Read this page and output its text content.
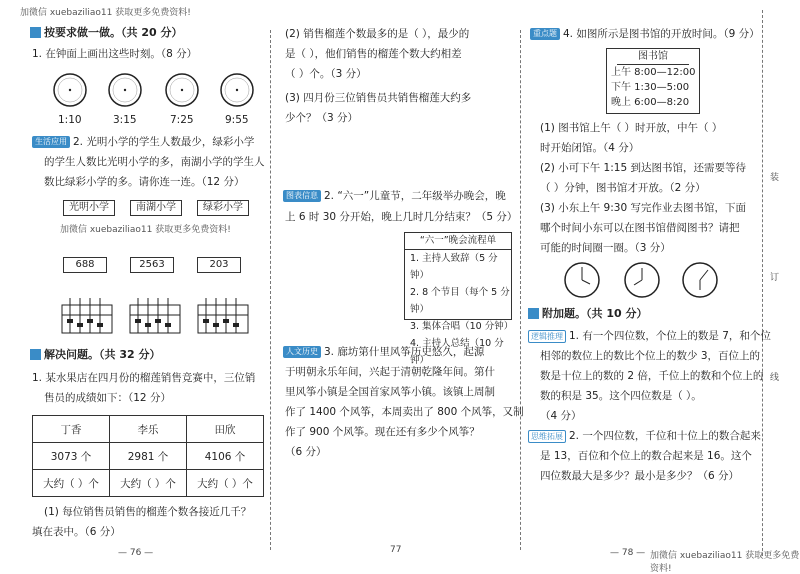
加微信 xuebaziliao11 获取更多免费资料!
按要求做一做。（共 20 分）
1. 在钟面上画出这些时刻。（8 分）
1:10	3:15	7:25	9:55
生活应用 2. 光明小学的学生人数最少，绿彩小学
的学生人数比光明小学的多，南湖小学的学生人
数比绿彩小学的多。请你连一连。（12 分）
光明小学	南湖小学	绿彩小学
加微信 xuebaziliao11 获取更多免费资料!
688	2563	203
解决问题。（共 32 分）
1. 某水果店在四月份的榴莲销售竞赛中，三位销
售员的成绩如下：（12 分）
丁香	李乐	田欣
3073 个	2981 个	4106 个
大约（ ）个	大约（ ）个	大约（ ）个
(1) 每位销售员销售的榴莲个数各接近几千？
填在表中。（6 分）
— 76 —
(2) 销售榴莲个数最多的是（ ），最少的
是（ ），他们销售的榴莲个数大约相差
（ ）个。（3 分）
(3) 四月份三位销售员共销售榴莲大约多
少个？（3 分）
图表信息 2. “六一”儿童节，二年级举办晚会，晚
上 6 时 30 分开始，晚上几时几分结束？（5 分）
“六一”晚会流程单
1. 主持人致辞（5 分钟）
2. 8 个节目（每个 5 分钟）
3. 集体合唱（10 分钟）
4. 主持人总结（10 分钟）
人文历史 3. 廊坊第什里风筝历史悠久，起源
于明朝永乐年间，兴起于清朝乾隆年间。第什
里风筝小镇是全国首家风筝小镇。该镇上周制
作了 1400 个风筝，本周卖出了 800 个风筝，又制
作了 900 个风筝。现在还有多少个风筝？
（6 分）
77
重点题 4. 如图所示是图书馆的开放时间。（9 分）
图书馆
上午 8:00—12:00
下午 1:30—5:00
晚上 6:00—8:20
(1) 图书馆上午（ ）时开放，中午（ ）
时开始闭馆。（4 分）
(2) 小可下午 1:15 到达图书馆，还需要等待
（ ）分钟，图书馆才开放。（2 分）
(3) 小东上午 9:30 写完作业去图书馆，下面
哪个时间小东可以在图书馆借阅图书？请把
可能的时间圈一圈。（3 分）
附加题。（共 10 分）
逻辑推理 1. 有一个四位数，个位上的数是 7，和个位
相邻的数位上的数比个位上的数少 3，百位上的
数是十位上的数的 2 倍，千位上的数和个位上的
数的积是 35。这个四位数是（ ）。
（4 分）
思维拓展 2. 一个四位数，千位和十位上的数合起来
是 13，百位和个位上的数合起来是 16。这个
四位数最大是多少？最小是多少？（6 分）
— 78 — 加微信 xuebaziliao11 获取更多免费资料!
装
订
线
